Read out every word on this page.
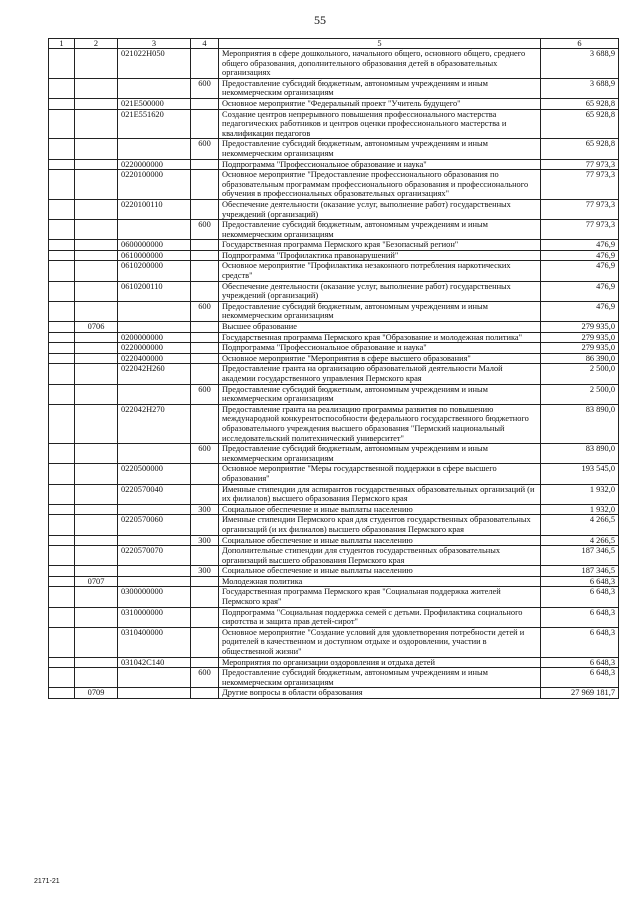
55
1	2	3	4	5	6
		021022Н050		Мероприятия в сфере дошкольного, начального общего, основного общего, среднего общего образования, дополнительного образования детей в образовательных организациях	3 688,9
			600	Предоставление субсидий бюджетным, автономным учреждениям и иным некоммерческим организациям	3 688,9
		021Е500000		Основное мероприятие "Федеральный проект "Учитель будущего"	65 928,8
		021Е551620		Создание центров непрерывного повышения профессионального мастерства педагогических работников и центров оценки профессионального мастерства и квалификации педагогов	65 928,8
			600	Предоставление субсидий бюджетным, автономным учреждениям и иным некоммерческим организациям	65 928,8
		0220000000		Подпрограмма "Профессиональное образование и наука"	77 973,3
		0220100000		Основное мероприятие "Предоставление профессионального образования по образовательным программам профессионального образования и профессионального обучения в профессиональных образовательных организациях"	77 973,3
		0220100110		Обеспечение деятельности (оказание услуг, выполнение работ) государственных учреждений (организаций)	77 973,3
			600	Предоставление субсидий бюджетным, автономным учреждениям и иным некоммерческим организациям	77 973,3
		0600000000		Государственная программа Пермского края "Безопасный регион"	476,9
		0610000000		Подпрограмма "Профилактика правонарушений"	476,9
		0610200000		Основное мероприятие "Профилактика незаконного потребления наркотических средств"	476,9
		0610200110		Обеспечение деятельности (оказание услуг, выполнение работ) государственных учреждений (организаций)	476,9
			600	Предоставление субсидий бюджетным, автономным учреждениям и иным некоммерческим организациям	476,9
	0706			Высшее образование	279 935,0
		0200000000		Государственная программа Пермского края "Образование и молодежная политика"	279 935,0
		0220000000		Подпрограмма "Профессиональное образование и наука"	279 935,0
		0220400000		Основное мероприятие "Мероприятия в сфере высшего образования"	86 390,0
		022042Н260		Предоставление гранта на организацию образовательной деятельности Малой академии государственного управления Пермского края	2 500,0
			600	Предоставление субсидий бюджетным, автономным учреждениям и иным некоммерческим организациям	2 500,0
		022042Н270		Предоставление гранта на реализацию программы развития по повышению международной конкурентоспособности федерального государственного бюджетного образовательного учреждения высшего образования "Пермский национальный исследовательский политехнический университет"	83 890,0
			600	Предоставление субсидий бюджетным, автономным учреждениям и иным некоммерческим организациям	83 890,0
		0220500000		Основное мероприятие "Меры государственной поддержки в сфере высшего образования"	193 545,0
		0220570040		Именные стипендии для аспирантов государственных образовательных организаций (и их филиалов) высшего образования Пермского края	1 932,0
			300	Социальное обеспечение и иные выплаты населению	1 932,0
		0220570060		Именные стипендии Пермского края для студентов государственных образовательных организаций (и их филиалов) высшего образования Пермского края	4 266,5
			300	Социальное обеспечение и иные выплаты населению	4 266,5
		0220570070		Дополнительные стипендии для студентов государственных образовательных организаций высшего образования Пермского края	187 346,5
			300	Социальное обеспечение и иные выплаты населению	187 346,5
	0707			Молодежная политика	6 648,3
		0300000000		Государственная программа Пермского края "Социальная поддержка жителей Пермского края"	6 648,3
		0310000000		Подпрограмма "Социальная поддержка семей с детьми. Профилактика социального сиротства и защита прав детей-сирот"	6 648,3
		0310400000		Основное мероприятие "Создание условий для удовлетворения потребности детей и родителей в качественном и доступном отдыхе и оздоровлении, участии в общественной жизни"	6 648,3
		031042С140		Мероприятия по организации оздоровления и отдыха детей	6 648,3
			600	Предоставление субсидий бюджетным, автономным учреждениям и иным некоммерческим организациям	6 648,3
	0709			Другие вопросы в области образования	27 969 181,7
2171-21
